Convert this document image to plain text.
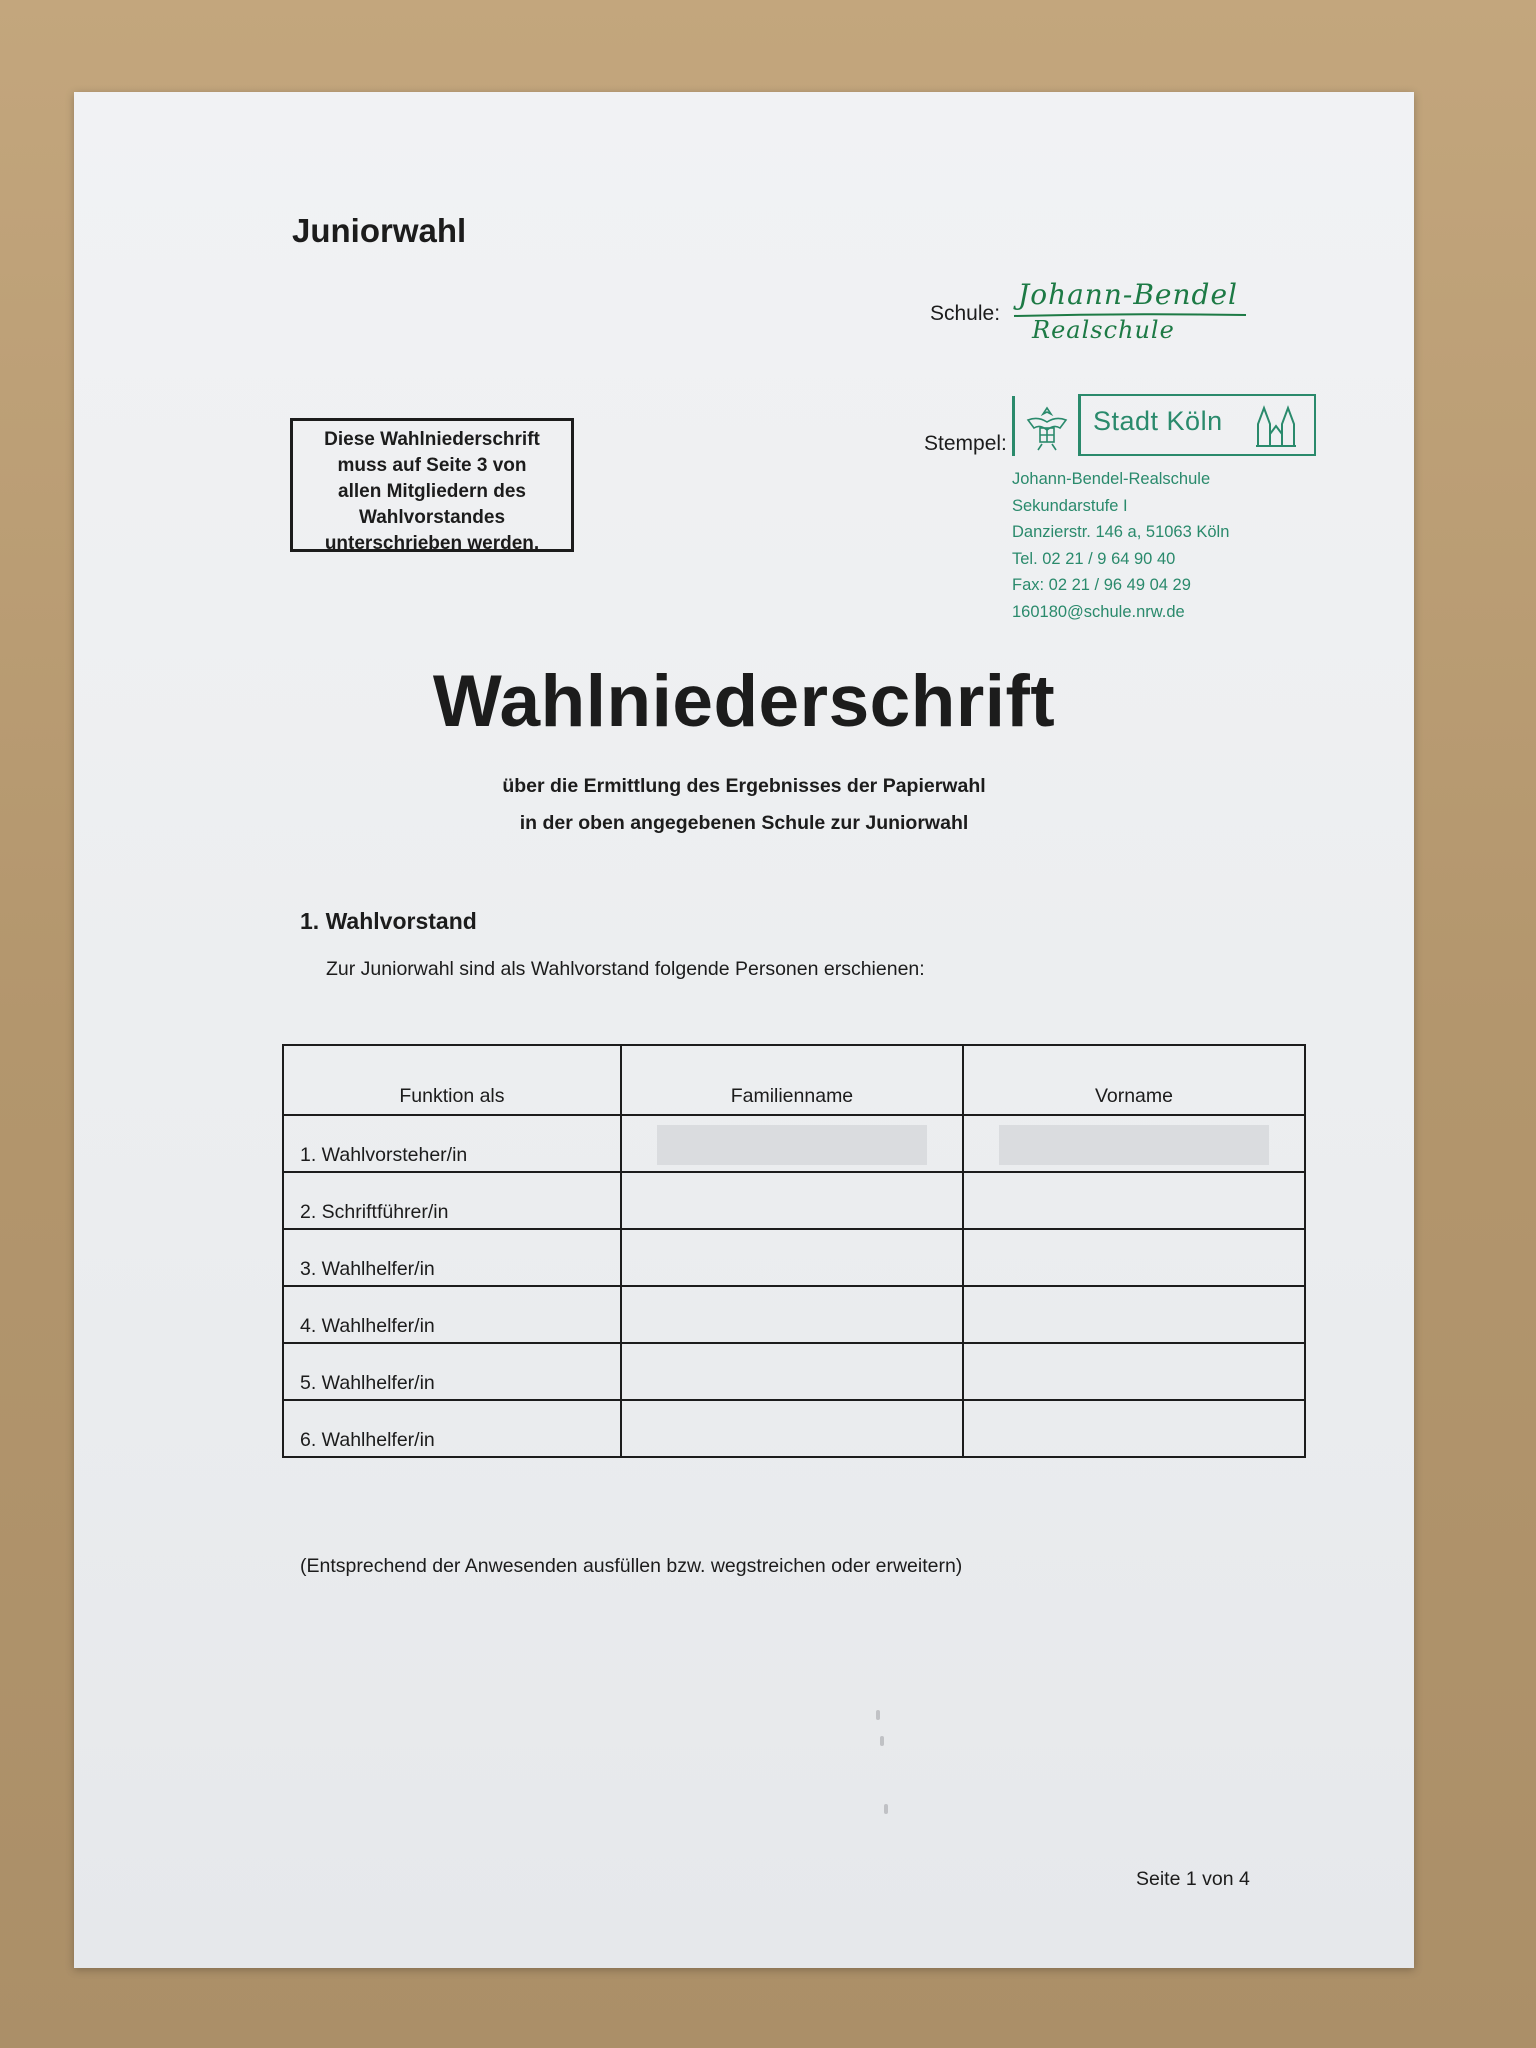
Juniorwahl
Schule:
Johann-Bendel
Realschule
Diese Wahlniederschrift
muss auf Seite 3 von
allen Mitgliedern des
Wahlvorstandes
unterschrieben werden.
Stempel:
Stadt Köln
Johann-Bendel-Realschule
Sekundarstufe I
Danzierstr. 146 a, 51063 Köln
Tel. 02 21 / 9 64 90 40
Fax: 02 21 / 96 49 04 29
160180@schule.nrw.de
Wahlniederschrift
über die Ermittlung des Ergebnisses der Papierwahl
in der oben angegebenen Schule zur Juniorwahl
1. Wahlvorstand
Zur Juniorwahl sind als Wahlvorstand folgende Personen erschienen:
Funktion als	Familienname	Vorname
1. Wahlvorsteher/in	

2. Schriftführer/in		
3. Wahlhelfer/in		
4. Wahlhelfer/in		
5. Wahlhelfer/in		
6. Wahlhelfer/in		
(Entsprechend der Anwesenden ausfüllen bzw. wegstreichen oder erweitern)
Seite 1 von 4
